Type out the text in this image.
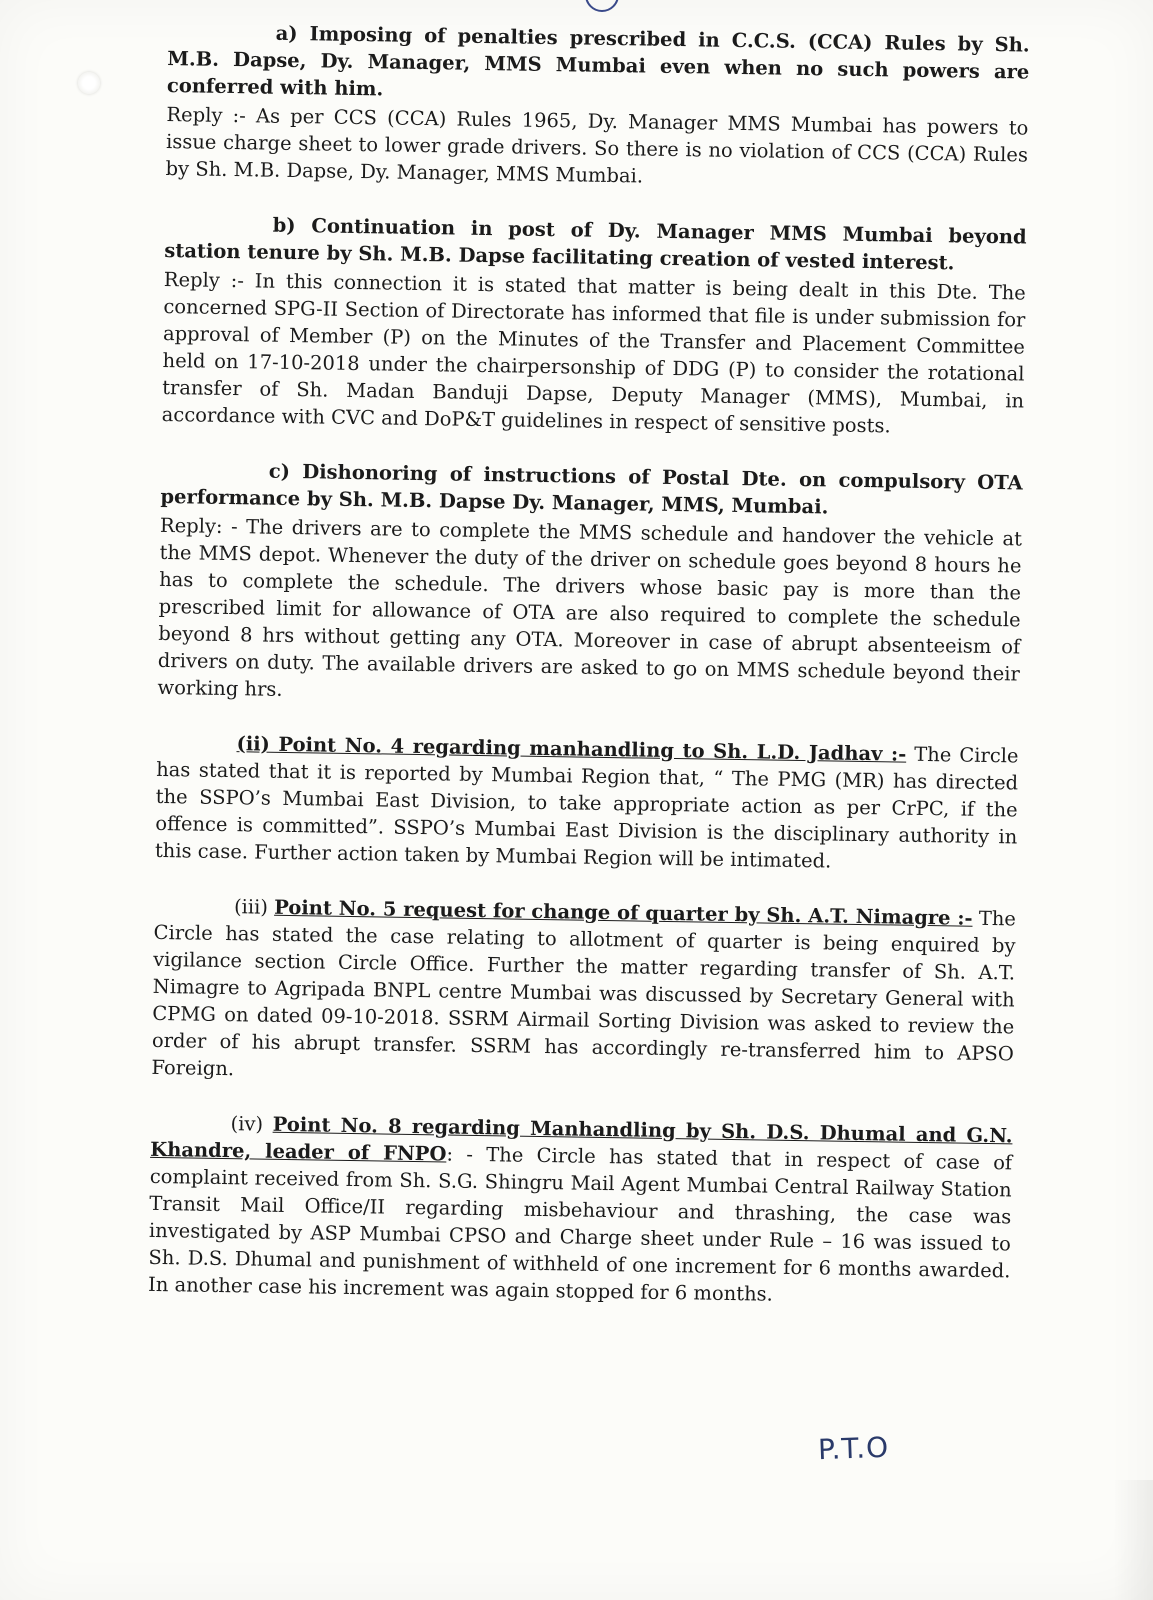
a) Imposing of penalties prescribed in C.C.S. (CCA) Rules by Sh. M.B. Dapse, Dy. Manager, MMS Mumbai even when no such powers are conferred with him.

Reply :- As per CCS (CCA) Rules 1965, Dy. Manager MMS Mumbai has powers to issue charge sheet to lower grade drivers. So there is no violation of CCS (CCA) Rules by Sh. M.B. Dapse, Dy. Manager, MMS Mumbai.

b) Continuation in post of Dy. Manager MMS Mumbai beyond station tenure by Sh. M.B. Dapse facilitating creation of vested interest.

Reply :- In this connection it is stated that matter is being dealt in this Dte. The concerned SPG-II Section of Directorate has informed that file is under submission for approval of Member (P) on the Minutes of the Transfer and Placement Committee held on 17-10-2018 under the chairpersonship of DDG (P) to consider the rotational transfer of Sh. Madan Banduji Dapse, Deputy Manager (MMS), Mumbai, in accordance with CVC and DoP&T guidelines in respect of sensitive posts.

c) Dishonoring of instructions of Postal Dte. on compulsory OTA performance by Sh. M.B. Dapse Dy. Manager, MMS, Mumbai.

Reply: - The drivers are to complete the MMS schedule and handover the vehicle at the MMS depot. Whenever the duty of the driver on schedule goes beyond 8 hours he has to complete the schedule. The drivers whose basic pay is more than the prescribed limit for allowance of OTA are also required to complete the schedule beyond 8 hrs without getting any OTA. Moreover in case of abrupt absenteeism of drivers on duty. The available drivers are asked to go on MMS schedule beyond their working hrs.

(ii) Point No. 4 regarding manhandling to Sh. L.D. Jadhav :- The Circle has stated that it is reported by Mumbai Region that, “ The PMG (MR) has directed the SSPO’s Mumbai East Division, to take appropriate action as per CrPC, if the offence is committed”. SSPO’s Mumbai East Division is the disciplinary authority in this case. Further action taken by Mumbai Region will be intimated.

(iii) Point No. 5 request for change of quarter by Sh. A.T. Nimagre :- The Circle has stated the case relating to allotment of quarter is being enquired by vigilance section Circle Office. Further the matter regarding transfer of Sh. A.T. Nimagre to Agripada BNPL centre Mumbai was discussed by Secretary General with CPMG on dated 09-10-2018. SSRM Airmail Sorting Division was asked to review the order of his abrupt transfer. SSRM has accordingly re-transferred him to APSO Foreign.

(iv) Point No. 8 regarding Manhandling by Sh. D.S. Dhumal and G.N. Khandre, leader of FNPO: - The Circle has stated that in respect of case of complaint received from Sh. S.G. Shingru Mail Agent Mumbai Central Railway Station Transit Mail Office/II regarding misbehaviour and thrashing, the case was investigated by ASP Mumbai CPSO and Charge sheet under Rule – 16 was issued to Sh. D.S. Dhumal and punishment of withheld of one increment for 6 months awarded. In another case his increment was again stopped for 6 months.

P.T.O
